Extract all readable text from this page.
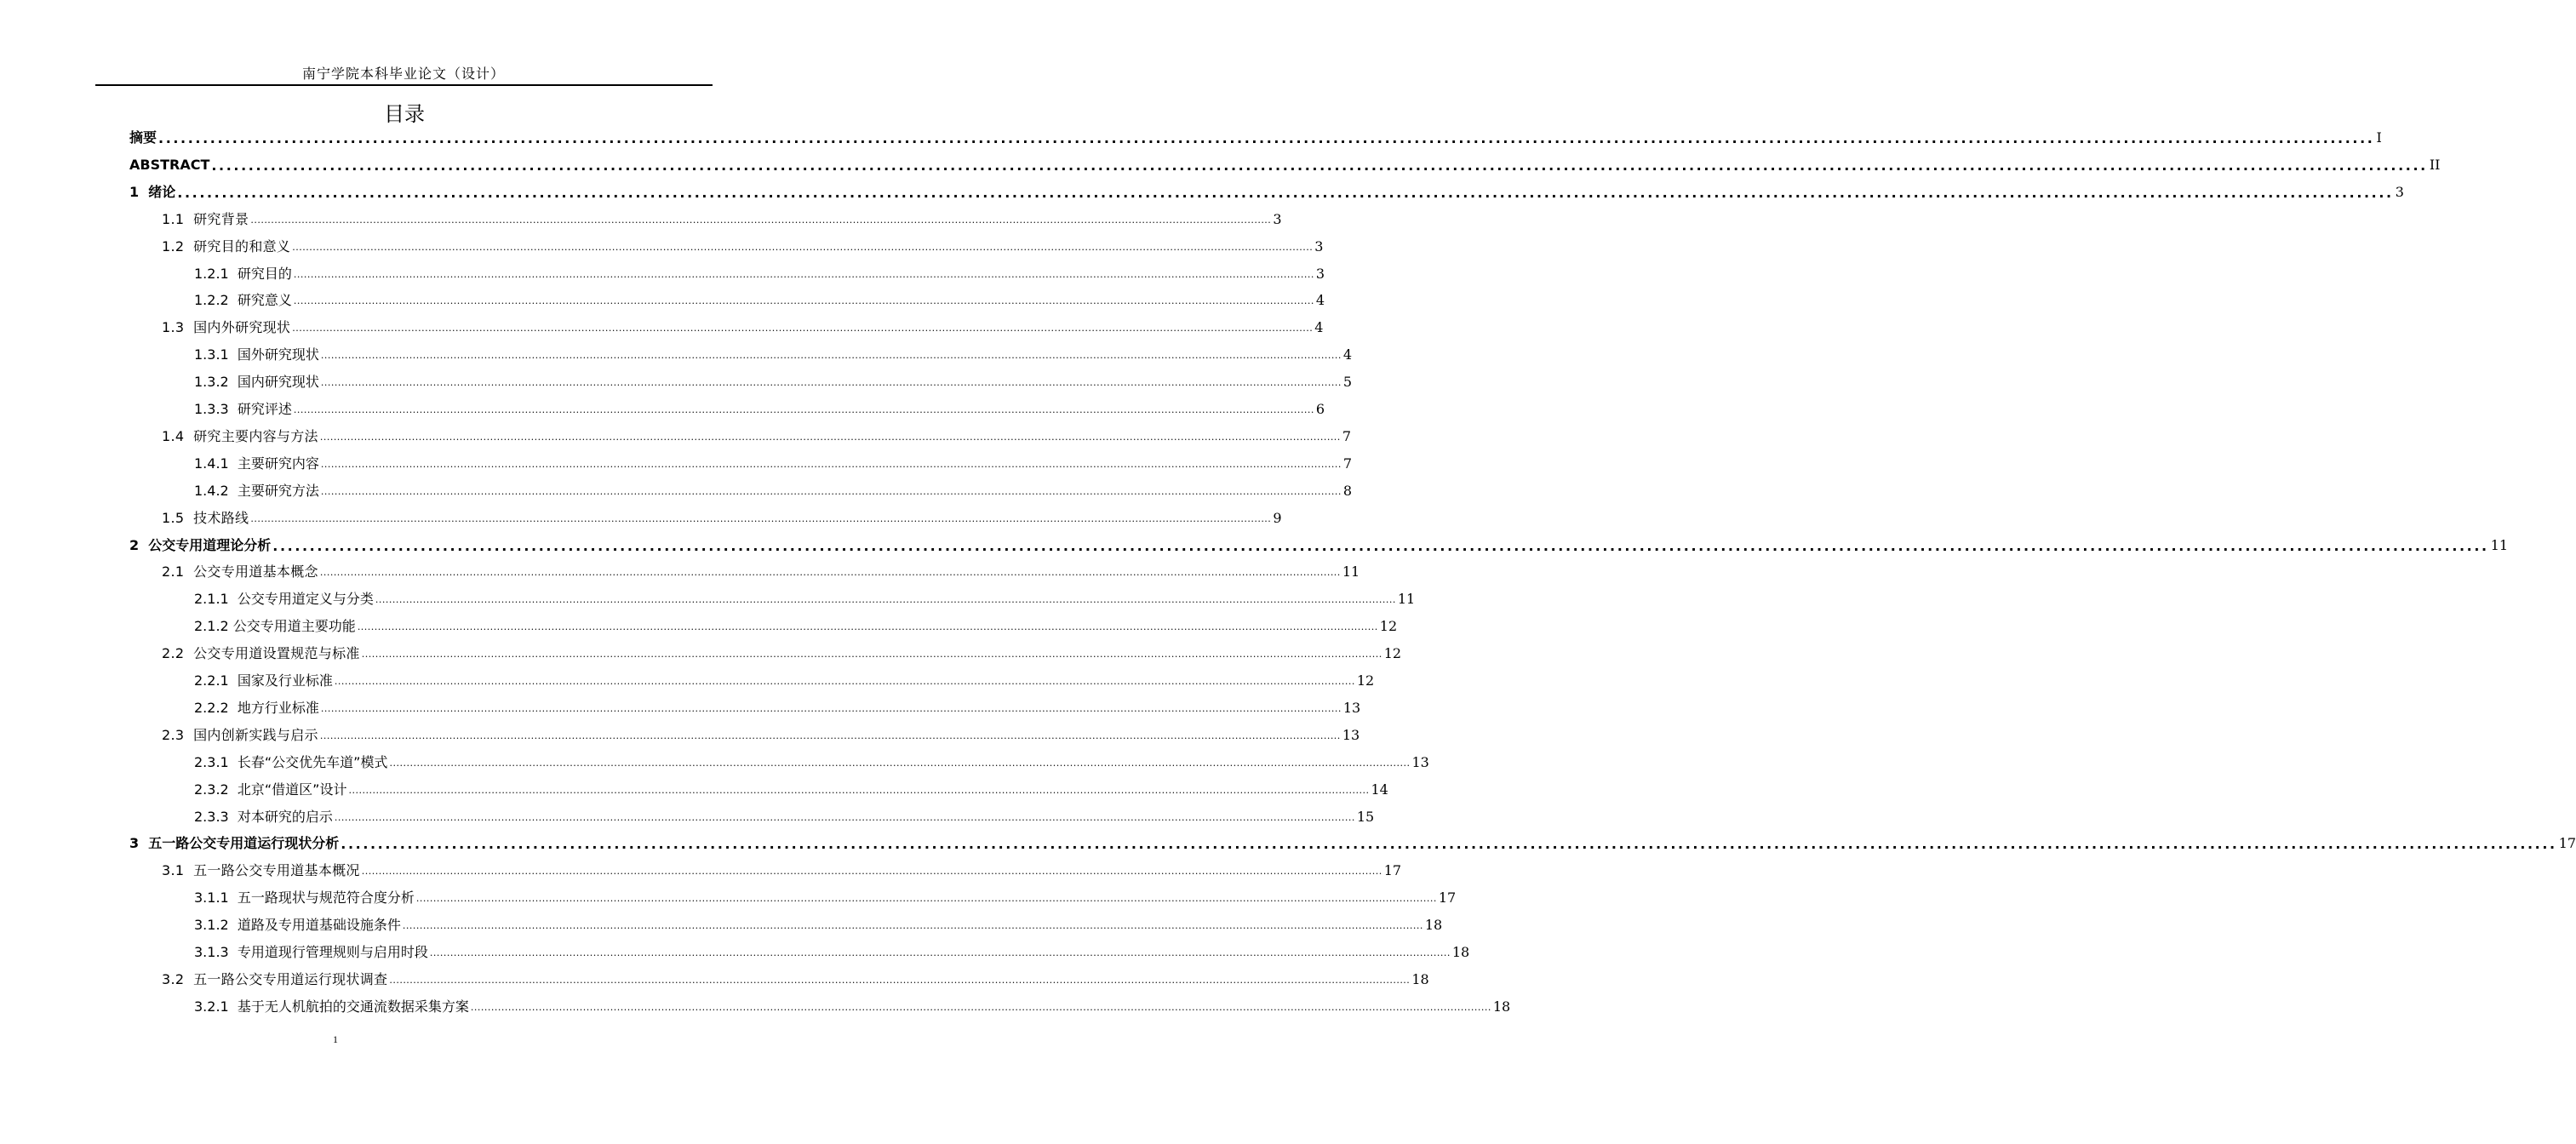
南宁学院本科毕业论文（设计）
目录
摘要 ............................................................................................................................................................................................................................................................................................................ I
ABSTRACT ............................................................................................................................................................................................................................................................................................................ II
1  绪论 ............................................................................................................................................................................................................................................................................................................ 3
1.1  研究背景 ............................................................................................................................................................................................................................................................................................................ 3
1.2  研究目的和意义 ............................................................................................................................................................................................................................................................................................................ 3
1.2.1  研究目的 ............................................................................................................................................................................................................................................................................................................ 3
1.2.2  研究意义 ............................................................................................................................................................................................................................................................................................................ 4
1.3  国内外研究现状 ............................................................................................................................................................................................................................................................................................................ 4
1.3.1  国外研究现状 ............................................................................................................................................................................................................................................................................................................ 4
1.3.2  国内研究现状 ............................................................................................................................................................................................................................................................................................................ 5
1.3.3  研究评述 ............................................................................................................................................................................................................................................................................................................ 6
1.4  研究主要内容与方法 ............................................................................................................................................................................................................................................................................................................ 7
1.4.1  主要研究内容 ............................................................................................................................................................................................................................................................................................................ 7
1.4.2  主要研究方法 ............................................................................................................................................................................................................................................................................................................ 8
1.5  技术路线 ............................................................................................................................................................................................................................................................................................................ 9
2  公交专用道理论分析 ............................................................................................................................................................................................................................................................................................................ 11
2.1  公交专用道基本概念 ............................................................................................................................................................................................................................................................................................................ 11
2.1.1  公交专用道定义与分类 ............................................................................................................................................................................................................................................................................................................ 11
2.1.2 公交专用道主要功能 ............................................................................................................................................................................................................................................................................................................ 12
2.2  公交专用道设置规范与标准 ............................................................................................................................................................................................................................................................................................................ 12
2.2.1  国家及行业标准 ............................................................................................................................................................................................................................................................................................................ 12
2.2.2  地方行业标准 ............................................................................................................................................................................................................................................................................................................ 13
2.3  国内创新实践与启示 ............................................................................................................................................................................................................................................................................................................ 13
2.3.1  长春“公交优先车道”模式 ............................................................................................................................................................................................................................................................................................................ 13
2.3.2  北京“借道区”设计 ............................................................................................................................................................................................................................................................................................................ 14
2.3.3  对本研究的启示 ............................................................................................................................................................................................................................................................................................................ 15
3  五一路公交专用道运行现状分析 ............................................................................................................................................................................................................................................................................................................ 17
3.1  五一路公交专用道基本概况 ............................................................................................................................................................................................................................................................................................................ 17
3.1.1  五一路现状与规范符合度分析 ............................................................................................................................................................................................................................................................................................................ 17
3.1.2  道路及专用道基础设施条件 ............................................................................................................................................................................................................................................................................................................ 18
3.1.3  专用道现行管理规则与启用时段 ............................................................................................................................................................................................................................................................................................................ 18
3.2  五一路公交专用道运行现状调查 ............................................................................................................................................................................................................................................................................................................ 18
3.2.1  基于无人机航拍的交通流数据采集方案 ............................................................................................................................................................................................................................................................................................................ 18
1
